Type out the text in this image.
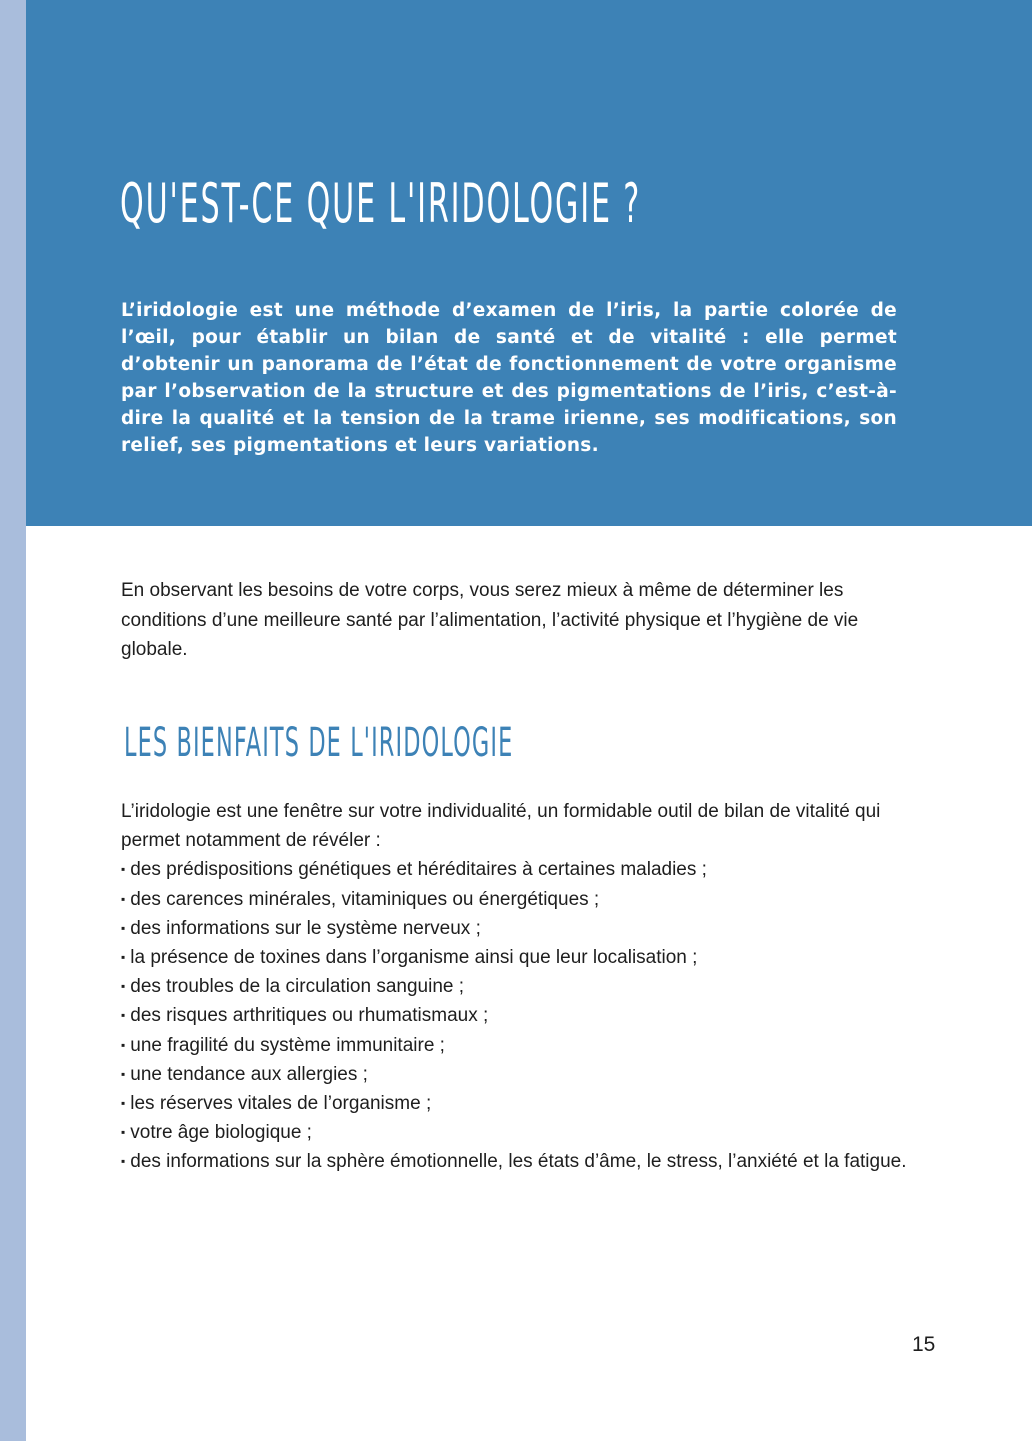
QU'EST-CE QUE L'IRIDOLOGIE ?

L’iridologie est une méthode d’examen de l’iris, la partie colorée de l’œil, pour établir un bilan de santé et de vitalité : elle permet d’obtenir un panorama de l’état de fonctionnement de votre organisme par l’observation de la structure et des pigmentations de l’iris, c’est-à-dire la qualité et la tension de la trame irienne, ses modifications, son relief, ses pigmentations et leurs variations.

En observant les besoins de votre corps, vous serez mieux à même de déterminer les conditions d’une meilleure santé par l’alimentation, l’activité physique et l’hygiène de vie globale.

LES BIENFAITS DE L'IRIDOLOGIE

L’iridologie est une fenêtre sur votre individualité, un formidable outil de bilan de vitalité qui permet notamment de révéler :

▪ des prédispositions génétiques et héréditaires à certaines maladies ;
▪ des carences minérales, vitaminiques ou énergétiques ;
▪ des informations sur le système nerveux ;
▪ la présence de toxines dans l’organisme ainsi que leur localisation ;
▪ des troubles de la circulation sanguine ;
▪ des risques arthritiques ou rhumatismaux ;
▪ une fragilité du système immunitaire ;
▪ une tendance aux allergies ;
▪ les réserves vitales de l’organisme ;
▪ votre âge biologique ;
▪ des informations sur la sphère émotionnelle, les états d’âme, le stress, l’anxiété et la fatigue.
15
